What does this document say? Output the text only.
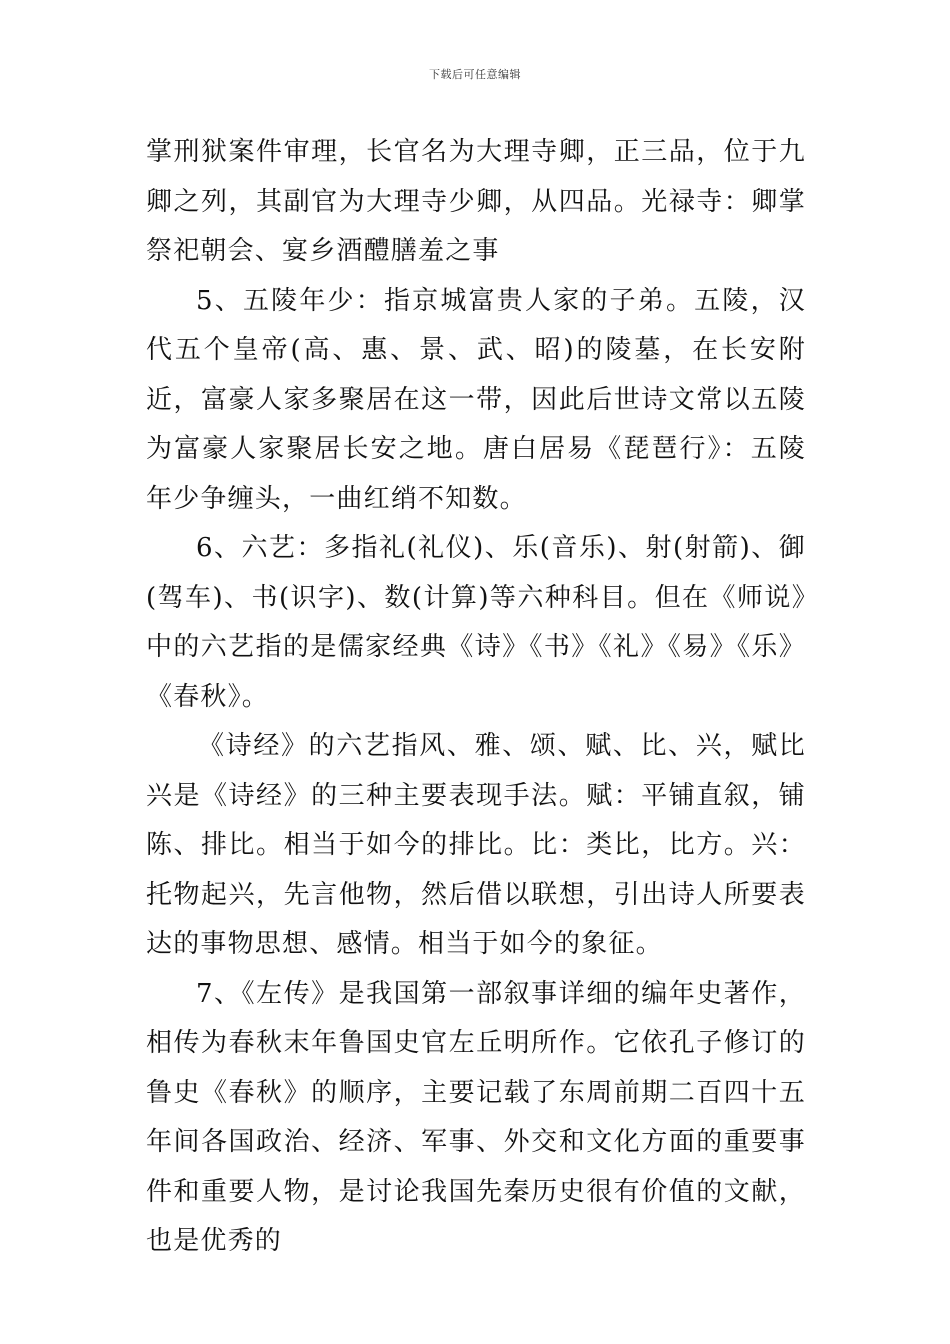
下载后可任意编辑

掌刑狱案件审理，长官名为大理寺卿，正三品，位于九卿之列，其副官为大理寺少卿，从四品。光禄寺：卿掌祭祀朝会、宴乡酒醴膳羞之事

5、五陵年少：指京城富贵人家的子弟。五陵，汉代五个皇帝(高、惠、景、武、昭)的陵墓，在长安附近，富豪人家多聚居在这一带，因此后世诗文常以五陵为富豪人家聚居长安之地。唐白居易《琵琶行》：五陵年少争缠头，一曲红绡不知数。

6、六艺：多指礼(礼仪)、乐(音乐)、射(射箭)、御(驾车)、书(识字)、数(计算)等六种科目。但在《师说》中的六艺指的是儒家经典《诗》《书》《礼》《易》《乐》《春秋》。

《诗经》的六艺指风、雅、颂、赋、比、兴，赋比兴是《诗经》的三种主要表现手法。赋：平铺直叙，铺陈、排比。相当于如今的排比。比：类比，比方。兴：托物起兴，先言他物，然后借以联想，引出诗人所要表达的事物思想、感情。相当于如今的象征。

7、《左传》是我国第一部叙事详细的编年史著作，相传为春秋末年鲁国史官左丘明所作。它依孔子修订的鲁史《春秋》的顺序，主要记载了东周前期二百四十五年间各国政治、经济、军事、外交和文化方面的重要事件和重要人物，是讨论我国先秦历史很有价值的文献，也是优秀的
